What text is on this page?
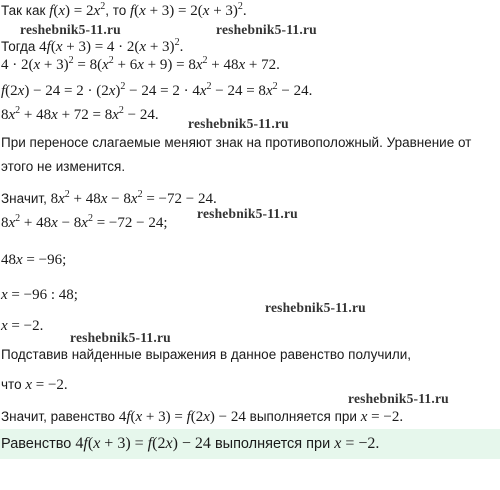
Так как $f(x) = 2x^2$, то $f(x + 3) = 2(x + 3)^2$.
Тогда $4f(x + 3) = 4 \cdot 2(x + 3)^2$.
$4 \cdot 2(x + 3)^2 = 8(x^2 + 6x + 9) = 8x^2 + 48x + 72$.
$f(2x) - 24 = 2 \cdot (2x)^2 - 24 = 2 \cdot 4x^2 - 24 = 8x^2 - 24$.
$8x^2 + 48x + 72 = 8x^2 - 24$.
При переносе слагаемые меняют знак на противоположный. Уравнение от
этого не изменится.
Значит, $8x^2 + 48x - 8x^2 = -72 - 24$.
$8x^2 + 48x - 8x^2 = -72 - 24$;
48x = −96;
x = −96 : 48;
x = −2.
Подставив найденные выражения в данное равенство получили,
что x = −2.
Значит, равенство 4f(x + 3) = f(2x) − 24 выполняется при x = −2.
Равенство 4f(x + 3) = f(2x) − 24 выполняется при x = −2.
reshebnik5-11.ru	reshebnik5-11.ru
reshebnik5-11.ru
reshebnik5-11.ru
reshebnik5-11.ru
reshebnik5-11.ru
reshebnik5-11.ru
